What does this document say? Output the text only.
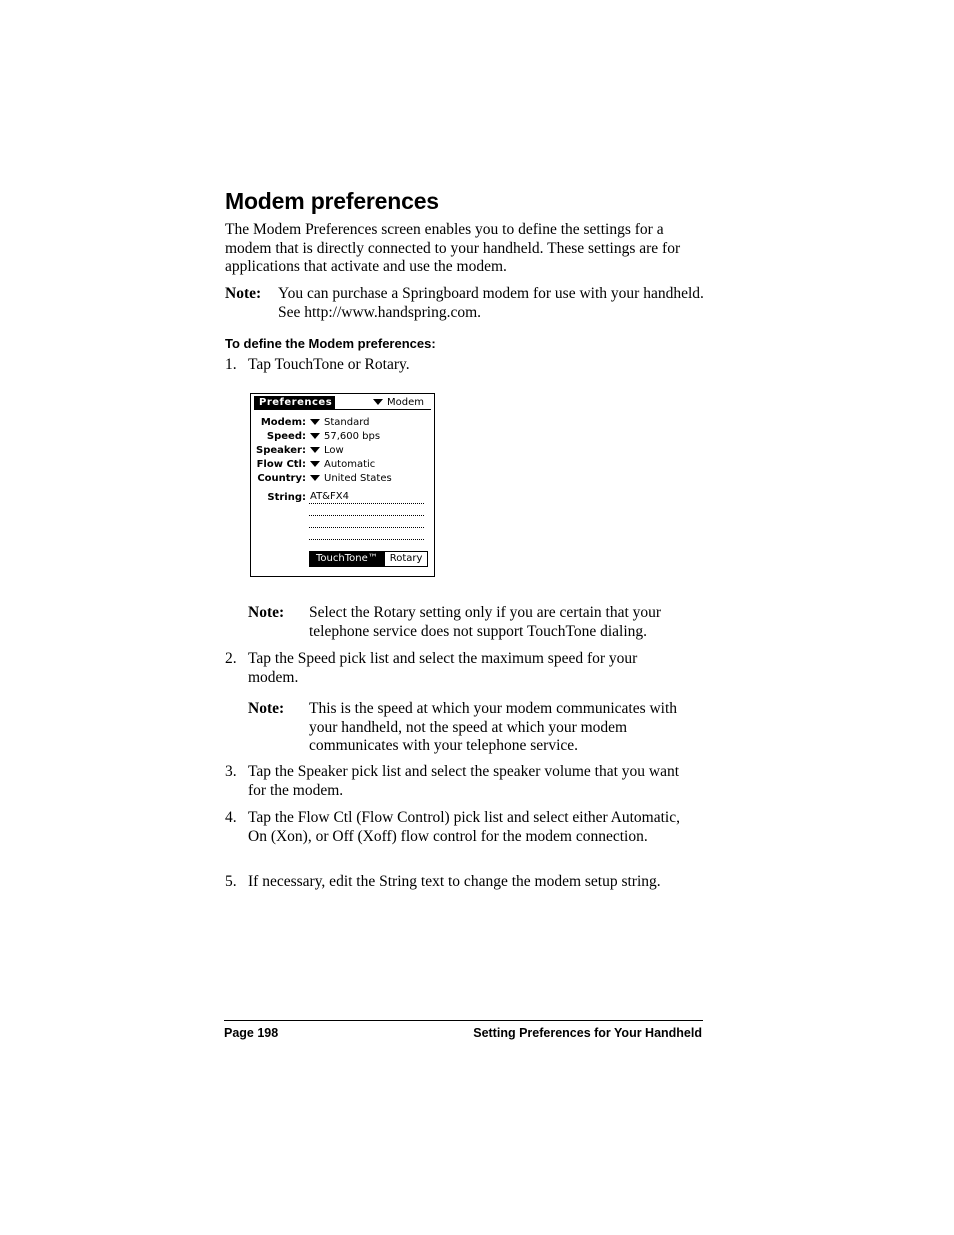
Modem preferences
The Modem Preferences screen enables you to define the settings for a modem that is directly connected to your handheld. These settings are for applications that activate and use the modem.
Note: You can purchase a Springboard modem for use with your handheld. See http://www.handspring.com.
To define the Modem preferences:
1. Tap TouchTone or Rotary.
Preferences	Modem
Modem:	Standard
Speed:	57,600 bps
Speaker:	Low
Flow Ctl:	Automatic
Country:	United States
String: AT&FX4
TouchTone™	Rotary
Note: Select the Rotary setting only if you are certain that your telephone service does not support TouchTone dialing.
2. Tap the Speed pick list and select the maximum speed for your modem.
Note: This is the speed at which your modem communicates with your handheld, not the speed at which your modem communicates with your telephone service.
3. Tap the Speaker pick list and select the speaker volume that you want for the modem.
4. Tap the Flow Ctl (Flow Control) pick list and select either Automatic, On (Xon), or Off (Xoff) flow control for the modem connection.
5. If necessary, edit the String text to change the modem setup string.
Page 198	Setting Preferences for Your Handheld
